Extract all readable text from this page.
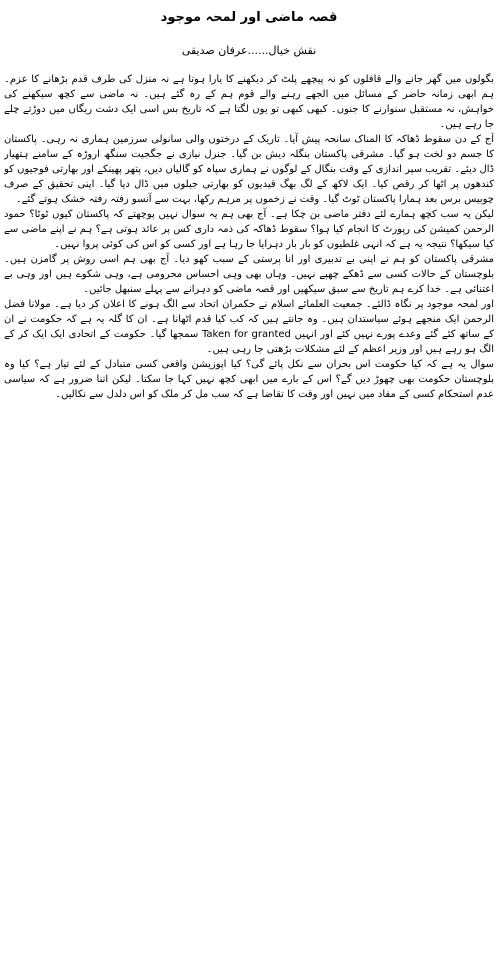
قصہ ماضی اور لمحہ موجود
نقش خیال......عرفان صدیقی

بگولوں میں گھر جانے والے قافلوں کو نہ پیچھے پلٹ کر دیکھنے کا یارا ہوتا ہے نہ منزل کی طرف قدم بڑھانے کا عزم۔ ہم ابھی زمانہ حاضر کے مسائل میں الجھے رہنے والے قوم ہم کے رہ گئے ہیں۔ نہ ماضی سے کچھ سیکھنے کی خواہش، نہ مستقبل سنوارنے کا جنوں۔ کبھی کبھی تو یوں لگتا ہے کہ تاریخ بس اسی ایک دشت ریگاں میں دوڑتے چلے جا رہے ہیں۔

آج کے دن سقوط ڈھاکہ کا المناک سانحہ پیش آیا۔ تاریک کے درختوں والی سانولی سرزمین ہماری نہ رہی۔ پاکستان کا جسم دو لخت ہو گیا۔ مشرقی پاکستان بنگلہ دیش بن گیا۔ جنرل نیازی نے جگجیت سنگھ اروڑہ کے سامنے ہتھیار ڈال دیئے۔ تقریب سپر اندازی کے وقت بنگال کے لوگوں نے ہماری سپاہ کو گالیاں دیں، پتھر پھینکے اور بھارتی فوجیوں کو کندھوں پر اٹھا کر رقص کیا۔ ایک لاکھ کے لگ بھگ قیدیوں کو بھارتی جیلوں میں ڈال دیا گیا۔ اپنی تحقیق کے صرف چوبیس برس بعد ہمارا پاکستان ٹوٹ گیا۔ وقت نے زخموں پر مرہم رکھا، بہت سے آنسو رفتہ رفتہ خشک ہوتے گئے۔

لیکن یہ سب کچھ ہمارے لئے دفتر ماضی بن چکا ہے۔ آج بھی ہم یہ سوال نہیں پوچھتے کہ پاکستان کیوں ٹوٹا؟ حمود الرحمن کمیشن کی رپورٹ کا انجام کیا ہوا؟ سقوط ڈھاکہ کی ذمہ داری کس پر عائد ہوتی ہے؟ ہم نے اپنے ماضی سے کیا سیکھا؟ نتیجہ یہ ہے کہ انہی غلطیوں کو بار بار دہرایا جا رہا ہے اور کسی کو اس کی کوئی پروا نہیں۔

مشرقی پاکستان کو ہم نے اپنی بے تدبیری اور انا پرستی کے سبب کھو دیا۔ آج بھی ہم اسی روش پر گامزن ہیں۔ بلوچستان کے حالات کسی سے ڈھکے چھپے نہیں۔ وہاں بھی وہی احساس محرومی ہے، وہی شکوے ہیں اور وہی بے اعتنائی ہے۔ خدا کرے ہم تاریخ سے سبق سیکھیں اور قصہ ماضی کو دہرانے سے پہلے سنبھل جائیں۔

اور لمحہ موجود پر نگاہ ڈالئے۔ جمعیت العلمائے اسلام نے حکمران اتحاد سے الگ ہونے کا اعلان کر دیا ہے۔ مولانا فضل الرحمن ایک منجھے ہوئے سیاستدان ہیں۔ وہ جانتے ہیں کہ کب کیا قدم اٹھانا ہے۔ ان کا گلہ یہ ہے کہ حکومت نے ان کے ساتھ کئے گئے وعدے پورے نہیں کئے اور انہیں Taken for granted سمجھا گیا۔ حکومت کے اتحادی ایک ایک کر کے الگ ہو رہے ہیں اور وزیر اعظم کے لئے مشکلات بڑھتی جا رہی ہیں۔

سوال یہ ہے کہ کیا حکومت اس بحران سے نکل پائے گی؟ کیا اپوزیشن واقعی کسی متبادل کے لئے تیار ہے؟ کیا وہ بلوچستان حکومت بھی چھوڑ دیں گے؟ اس کے بارے میں ابھی کچھ نہیں کہا جا سکتا۔ لیکن اتنا ضرور ہے کہ سیاسی عدم استحکام کسی کے مفاد میں نہیں اور وقت کا تقاضا ہے کہ سب مل کر ملک کو اس دلدل سے نکالیں۔
